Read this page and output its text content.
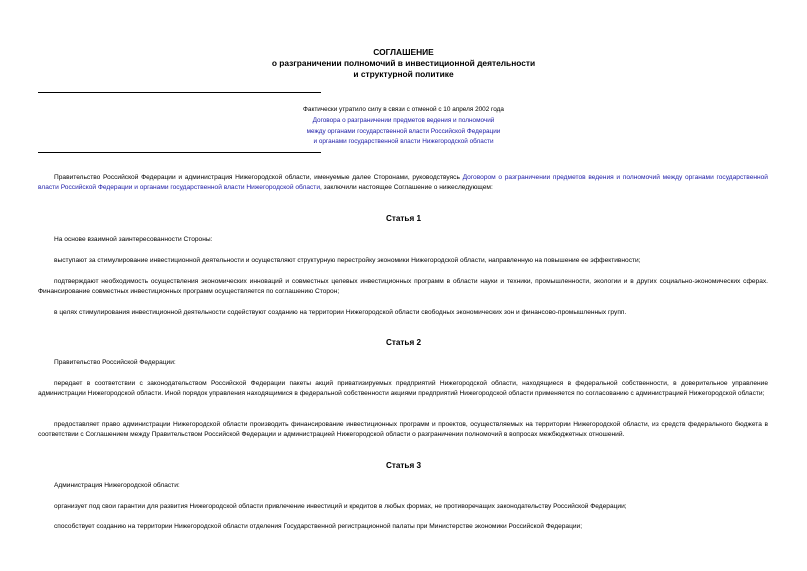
СОГЛАШЕНИЕ
о разграничении полномочий в инвестиционной деятельности
и структурной политике
Фактически утратило силу в связи с отменой с 10 апреля 2002 года
Договора о разграничении предметов ведения и полномочий
между органами государственной власти Российской Федерации
и органами государственной власти Нижегородской области
Правительство Российской Федерации и администрация Нижегородской области, именуемые далее Сторонами, руководствуясь Договором о разграничении предметов ведения и полномочий между органами государственной власти Российской Федерации и органами государственной власти Нижегородской области, заключили настоящее Соглашение о нижеследующем:
Статья 1
На основе взаимной заинтересованности Стороны:
выступают за стимулирование инвестиционной деятельности и осуществляют структурную перестройку экономики Нижегородской области, направленную на повышение ее эффективности;
подтверждают необходимость осуществления экономических инноваций и совместных целевых инвестиционных программ в области науки и техники, промышленности, экологии и в других социально-экономических сферах. Финансирование совместных инвестиционных программ осуществляется по соглашению Сторон;
в целях стимулирования инвестиционной деятельности содействуют созданию на территории Нижегородской области свободных экономических зон и финансово-промышленных групп.
Статья 2
Правительство Российской Федерации:
передает в соответствии с законодательством Российской Федерации пакеты акций приватизируемых предприятий Нижегородской области, находящиеся в федеральной собственности, в доверительное управление администрации Нижегородской области. Иной порядок управления находящимися в федеральной собственности акциями предприятий Нижегородской области применяется по согласованию с администрацией Нижегородской области;
предоставляет право администрации Нижегородской области производить финансирование инвестиционных программ и проектов, осуществляемых на территории Нижегородской области, из средств федерального бюджета в соответствии с Соглашением между Правительством Российской Федерации и администрацией Нижегородской области о разграничении полномочий в вопросах межбюджетных отношений.
Статья 3
Администрация Нижегородской области:
организует под свои гарантии для развития Нижегородской области привлечение инвестиций и кредитов в любых формах, не противоречащих законодательству Российской Федерации;
способствует созданию на территории Нижегородской области отделения Государственной регистрационной палаты при Министерстве экономики Российской Федерации;
